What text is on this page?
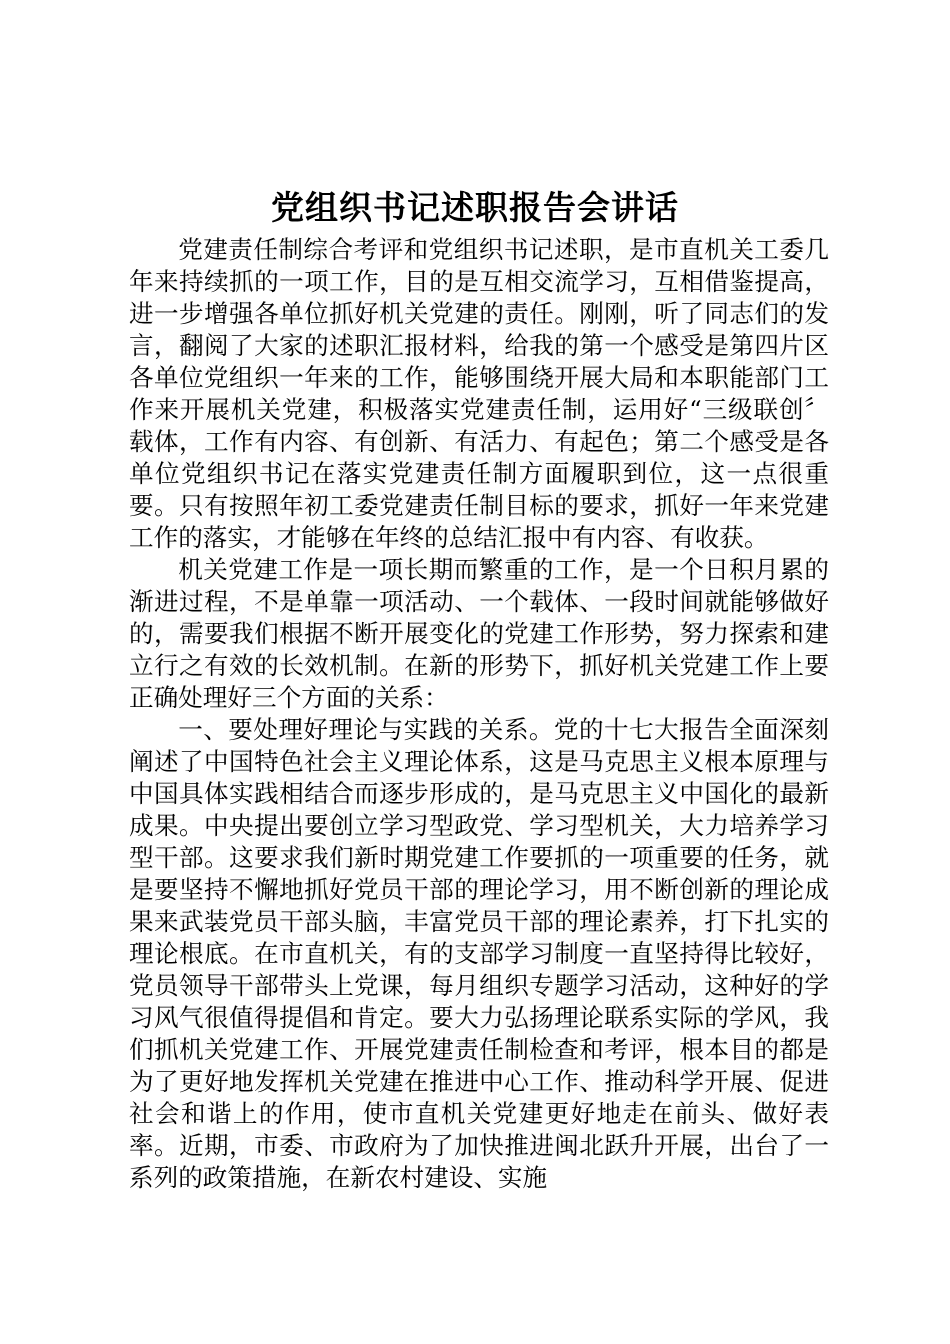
党组织书记述职报告会讲话

党建责任制综合考评和党组织书记述职，是市直机关工委几年来持续抓的一项工作，目的是互相交流学习，互相借鉴提高，进一步增强各单位抓好机关党建的责任。刚刚，听了同志们的发言，翻阅了大家的述职汇报材料，给我的第一个感受是第四片区各单位党组织一年来的工作，能够围绕开展大局和本职能部门工作来开展机关党建，积极落实党建责任制，运用好“三级联创〞载体，工作有内容、有创新、有活力、有起色；第二个感受是各单位党组织书记在落实党建责任制方面履职到位，这一点很重要。只有按照年初工委党建责任制目标的要求，抓好一年来党建工作的落实，才能够在年终的总结汇报中有内容、有收获。

机关党建工作是一项长期而繁重的工作，是一个日积月累的渐进过程，不是单靠一项活动、一个载体、一段时间就能够做好的，需要我们根据不断开展变化的党建工作形势，努力探索和建立行之有效的长效机制。在新的形势下，抓好机关党建工作上要正确处理好三个方面的关系：

一、要处理好理论与实践的关系。党的十七大报告全面深刻阐述了中国特色社会主义理论体系，这是马克思主义根本原理与中国具体实践相结合而逐步形成的，是马克思主义中国化的最新成果。中央提出要创立学习型政党、学习型机关，大力培养学习型干部。这要求我们新时期党建工作要抓的一项重要的任务，就是要坚持不懈地抓好党员干部的理论学习，用不断创新的理论成果来武装党员干部头脑，丰富党员干部的理论素养，打下扎实的理论根底。在市直机关，有的支部学习制度一直坚持得比较好，党员领导干部带头上党课，每月组织专题学习活动，这种好的学习风气很值得提倡和肯定。要大力弘扬理论联系实际的学风，我们抓机关党建工作、开展党建责任制检查和考评，根本目的都是为了更好地发挥机关党建在推进中心工作、推动科学开展、促进社会和谐上的作用，使市直机关党建更好地走在前头、做好表率。近期，市委、市政府为了加快推进闽北跃升开展，出台了一系列的政策措施，在新农村建设、实施
